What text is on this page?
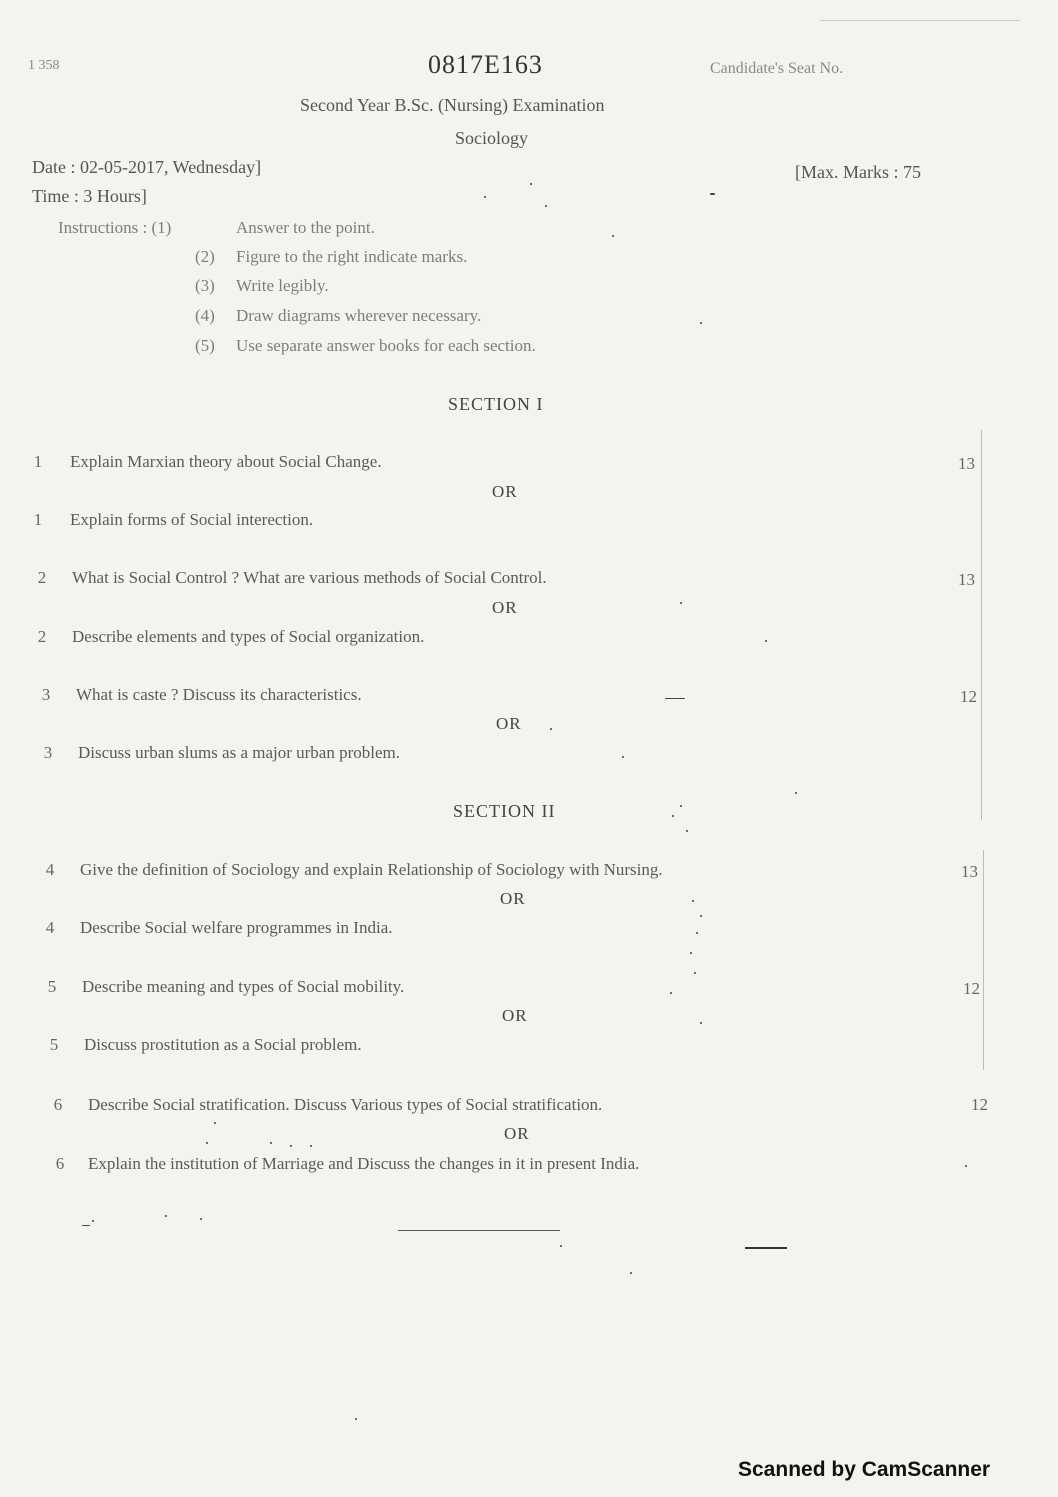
1 358	0817E163	Candidate's Seat No.
Second Year B.Sc. (Nursing) Examination
Sociology
Date : 02-05-2017, Wednesday]	[Max. Marks : 75
Time : 3 Hours]
Instructions : (1)	Answer to the point.
(2) Figure to the right indicate marks.
(3) Write legibly.
(4) Draw diagrams wherever necessary.
(5) Use separate answer books for each section.
SECTION I
1	Explain Marxian theory about Social Change.	13
OR
1	Explain forms of Social interection.
2	What is Social Control ? What are various methods of Social Control.	13
OR
2	Describe elements and types of Social organization.
3	What is caste ? Discuss its characteristics.	12
OR
3	Discuss urban slums as a major urban problem.
SECTION II
4	Give the definition of Sociology and explain Relationship of Sociology with Nursing.	13
OR
4	Describe Social welfare programmes in India.
5	Describe meaning and types of Social mobility.	12
OR
5	Discuss prostitution as a Social problem.
6	Describe Social stratification. Discuss Various types of Social stratification.	12
OR
6	Explain the institution of Marriage and Discuss the changes in it in present India.
Scanned by CamScanner
